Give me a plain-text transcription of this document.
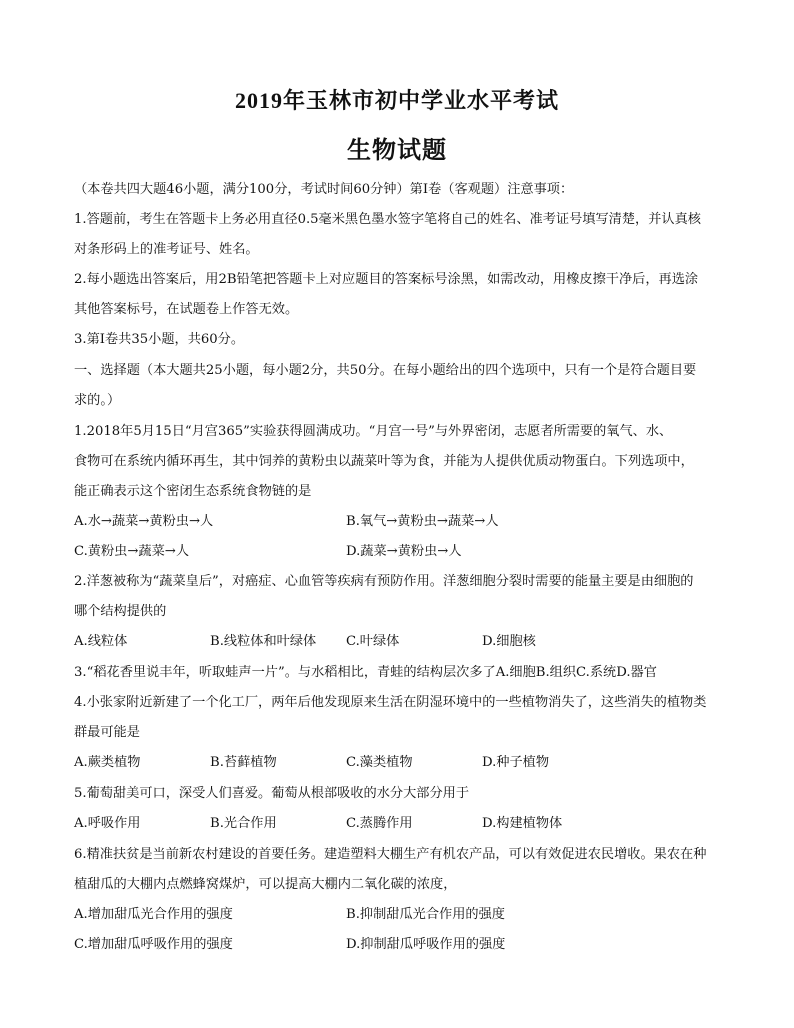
2019年玉林市初中学业水平考试
生物试题
（本卷共四大题46小题，满分100分，考试时间60分钟）第Ⅰ卷（客观题）注意事项：
1.答题前，考生在答题卡上务必用直径0.5毫米黑色墨水签字笔将自己的姓名、准考证号填写清楚，并认真核
对条形码上的准考证号、姓名。
2.每小题选出答案后，用2B铅笔把答题卡上对应题目的答案标号涂黑，如需改动，用橡皮擦干净后，再选涂
其他答案标号，在试题卷上作答无效。
3.第Ⅰ卷共35小题，共60分。
一、选择题（本大题共25小题，每小题2分，共50分。在每小题给出的四个选项中，只有一个是符合题目要
求的。）
1.2018年5月15日“月宫365”实验获得圆满成功。“月宫一号”与外界密闭，志愿者所需要的氧气、水、
食物可在系统内循环再生，其中饲养的黄粉虫以蔬菜叶等为食，并能为人提供优质动物蛋白。下列选项中，
能正确表示这个密闭生态系统食物链的是
A.水→蔬菜→黄粉虫→人	B.氧气→黄粉虫→蔬菜→人
C.黄粉虫→蔬菜→人	D.蔬菜→黄粉虫→人
2.洋葱被称为“蔬菜皇后”，对癌症、心血管等疾病有预防作用。洋葱细胞分裂时需要的能量主要是由细胞的
哪个结构提供的
A.线粒体	B.线粒体和叶绿体 C.叶绿体	D.细胞核
3.“稻花香里说丰年，听取蛙声一片”。与水稻相比，青蛙的结构层次多了A.细胞B.组织C.系统D.器官
4.小张家附近新建了一个化工厂，两年后他发现原来生活在阴湿环境中的一些植物消失了，这些消失的植物类
群最可能是
A.蕨类植物	B.苔藓植物	C.藻类植物	D.种子植物
5.葡萄甜美可口，深受人们喜爱。葡萄从根部吸收的水分大部分用于
A.呼吸作用	B.光合作用	C.蒸腾作用	D.构建植物体
6.精准扶贫是当前新农村建设的首要任务。建造塑料大棚生产有机农产品，可以有效促进农民增收。果农在种
植甜瓜的大棚内点燃蜂窝煤炉，可以提高大棚内二氧化碳的浓度，
A.增加甜瓜光合作用的强度	B.抑制甜瓜光合作用的强度
C.增加甜瓜呼吸作用的强度	D.抑制甜瓜呼吸作用的强度
